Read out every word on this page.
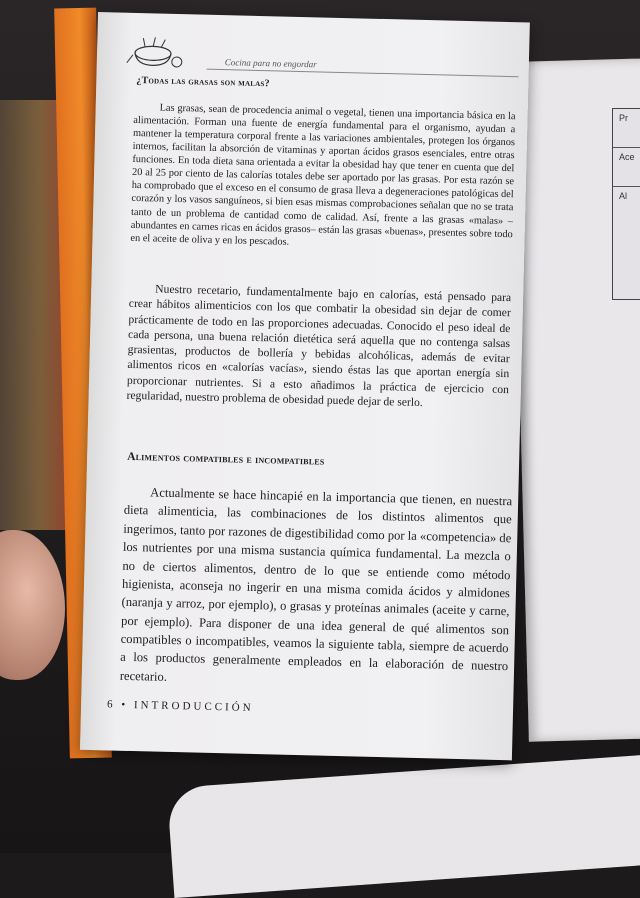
Pr
Ace
Al
Cocina para no engordar
¿Todas las grasas son malas?

Las grasas, sean de procedencia animal o vegetal, tienen una importancia básica en la alimentación. Forman una fuente de energía fundamental para el organismo, ayudan a mantener la temperatura corporal frente a las variaciones ambientales, protegen los órganos internos, facilitan la absorción de vitaminas y aportan ácidos grasos esenciales, entre otras funciones. En toda dieta sana orientada a evitar la obesidad hay que tener en cuenta que del 20 al 25 por ciento de las calorías totales debe ser aportado por las grasas. Por esta razón se ha comprobado que el exceso en el consumo de grasa lleva a degeneraciones patológicas del corazón y los vasos sanguíneos, si bien esas mismas comprobaciones señalan que no se trata tanto de un problema de cantidad como de calidad. Así, frente a las grasas «malas» –abundantes en carnes ricas en ácidos grasos– están las grasas «buenas», presentes sobre todo en el aceite de oliva y en los pescados.

Nuestro recetario, fundamentalmente bajo en calorías, está pensado para crear hábitos alimenticios con los que combatir la obesidad sin dejar de comer prácticamente de todo en las proporciones adecuadas. Conocido el peso ideal de cada persona, una buena relación dietética será aquella que no contenga salsas grasientas, productos de bollería y bebidas alcohólicas, además de evitar alimentos ricos en «calorías vacías», siendo éstas las que aportan energía sin proporcionar nutrientes. Si a esto añadimos la práctica de ejercicio con regularidad, nuestro problema de obesidad puede dejar de serlo.

Alimentos compatibles e incompatibles

Actualmente se hace hincapié en la importancia que tienen, en nuestra dieta alimenticia, las combinaciones de los distintos alimentos que ingerimos, tanto por razones de digestibilidad como por la «competencia» de los nutrientes por una misma sustancia química fundamental. La mezcla o no de ciertos alimentos, dentro de lo que se entiende como método higienista, aconseja no ingerir en una misma comida ácidos y almidones (naranja y arroz, por ejemplo), o grasas y proteínas animales (aceite y carne, por ejemplo). Para disponer de una idea general de qué alimentos son compatibles o incompatibles, veamos la siguiente tabla, siempre de acuerdo a los productos generalmente empleados en la elaboración de nuestro recetario.

6 • INTRODUCCIÓN
